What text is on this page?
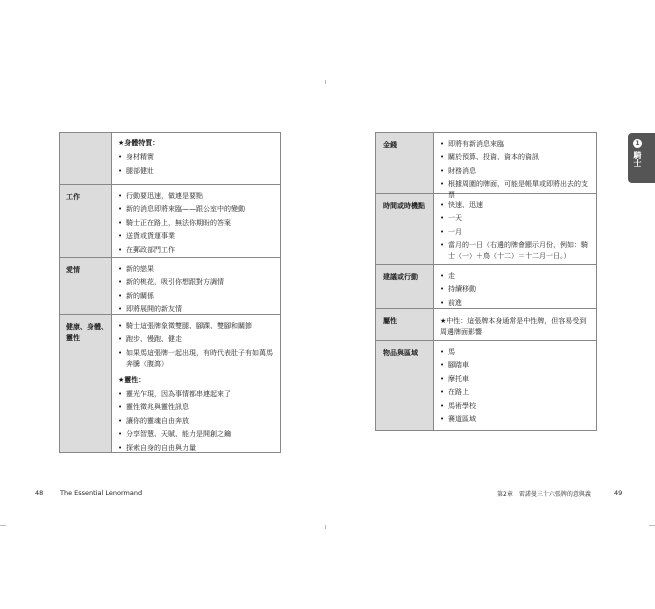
★身體特質：
• 身材精實
• 腿部健壯
工作	• 行動要迅速，做連是要點
• 新的消息即將來臨——跟公室中的變動
• 騎士正在路上，無法你期盼的答案
• 送貨或貨運事業
• 在郵政部門工作
愛情	• 新的戀果
• 新的桃花，吸引你想跟對方調情
• 新的關係
• 即將展開的新友情
健康、身體、靈性
• 騎士這張牌象徵雙腿、腳踝、雙腳和關節
• 跑步、慢跑、健走
• 如果馬這張牌一起出現，有時代表肚子有如萬馬奔騰（腹瀉）
★靈性：
• 靈光乍現，因為事情都串連起來了
• 靈性徵兆與靈性訊息
• 讓你的靈魂自由奔放
• 分享智慧、天賦、能力是開創之鑰
• 探索自身的自由與力量
金錢	• 即將有新消息來臨
• 關於預算、投資、資本的資訊
• 財務消息
• 根據周圍的牌面，可能是帳單或即將出去的支票
時間或時機點	• 快速、迅速
• 一天
• 一月
• 當月的一日（右邊的牌會顯示月份，例如：騎士（一）＋鳥（十二）＝十二月一日。）
建議或行動	• 走
• 持續移動
• 前進
屬性	★中性：這張牌本身通常是中性牌，但容易受到周邊牌面影響
物品與區域	• 馬
• 腳踏車
• 摩托車
• 在路上
• 馬術學校
• 賽道區域
1
騎士
48	The Essential Lenormand	第2章　雷諾曼三十六張牌的意與義	49
